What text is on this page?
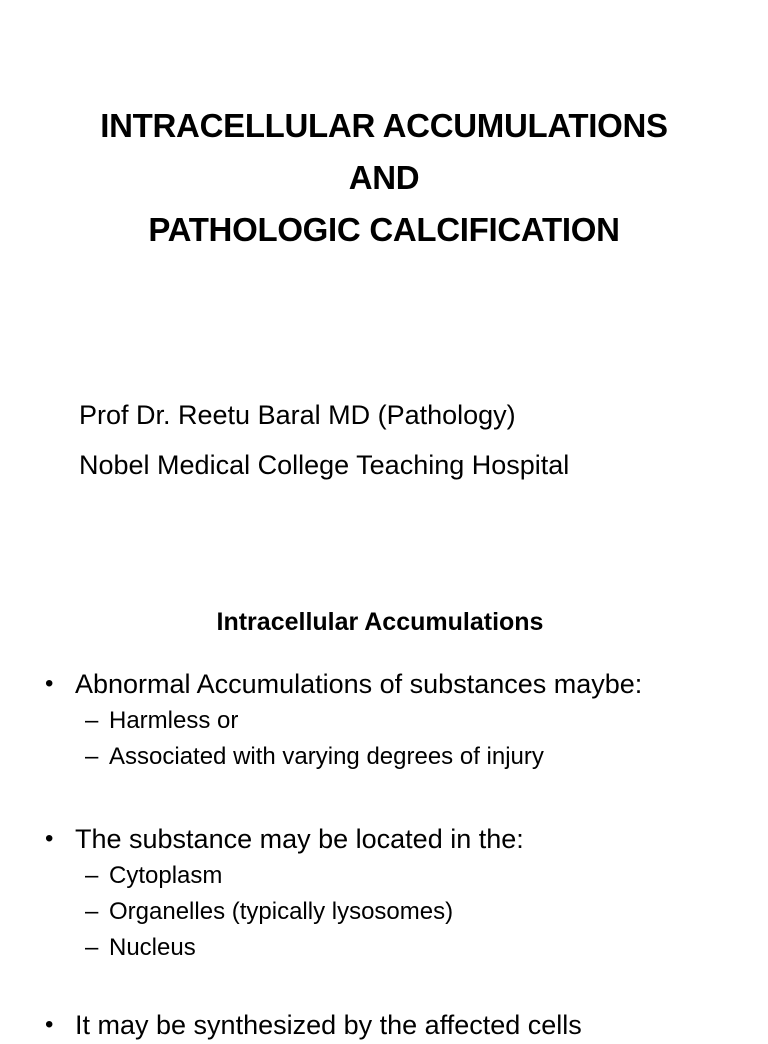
INTRACELLULAR ACCUMULATIONS
AND
PATHOLOGIC CALCIFICATION
Prof Dr. Reetu Baral MD (Pathology)
Nobel Medical College Teaching Hospital
Intracellular Accumulations
• Abnormal Accumulations of substances maybe:
– Harmless or
– Associated with varying degrees of injury
• The substance may be located in the:
– Cytoplasm
– Organelles (typically lysosomes)
– Nucleus
• It may be synthesized by the affected cells
